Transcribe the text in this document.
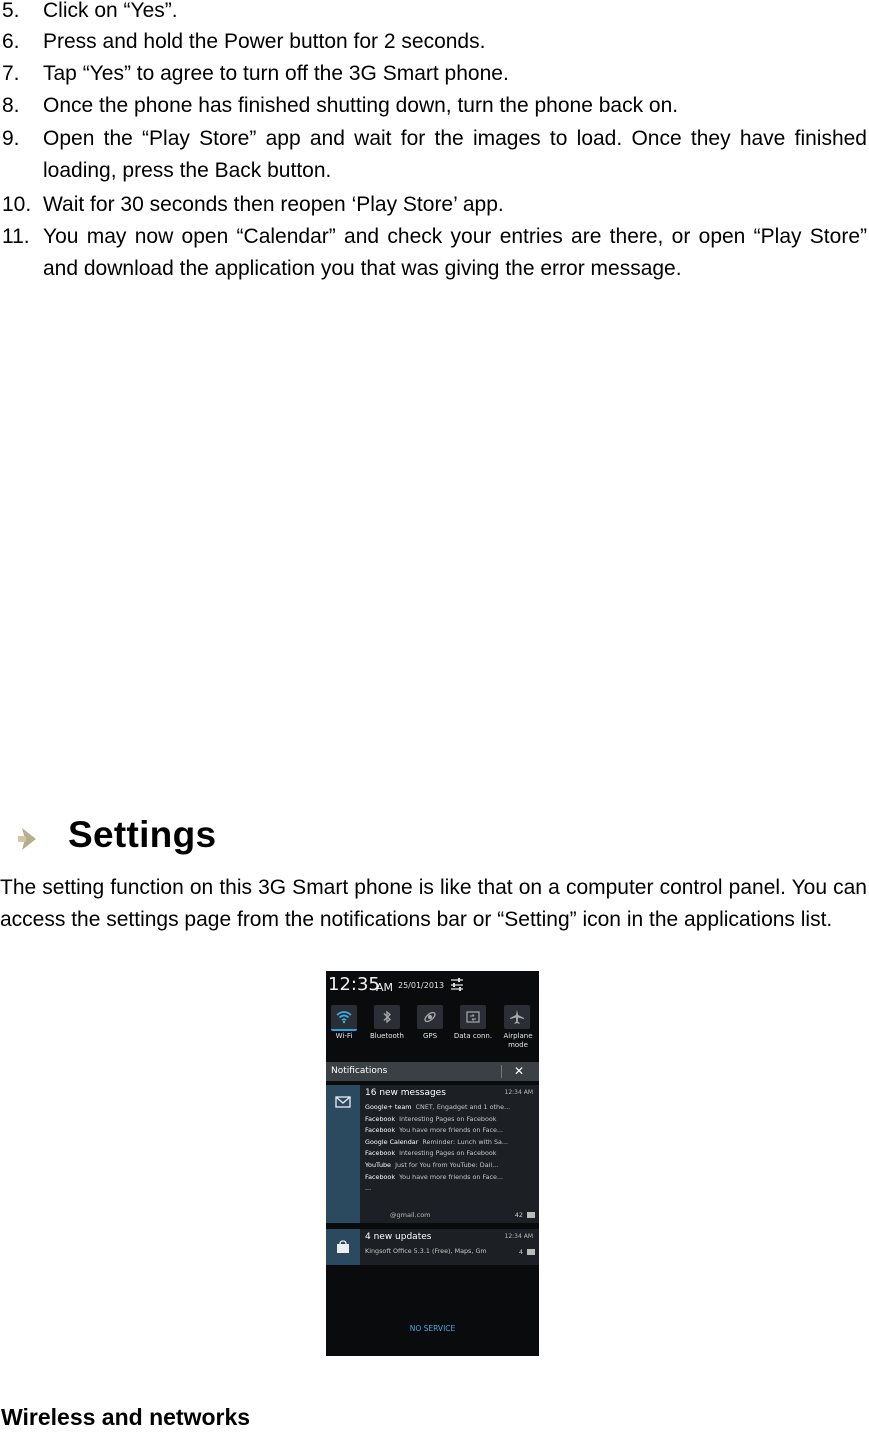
5. Click on “Yes”.
6. Press and hold the Power button for 2 seconds.
7. Tap “Yes” to agree to turn off the 3G Smart phone.
8. Once the phone has finished shutting down, turn the phone back on.
9. Open the “Play Store” app and wait for the images to load. Once they have finished loading, press the Back button.
10. Wait for 30 seconds then reopen ‘Play Store’ app.
11. You may now open “Calendar” and check your entries are there, or open “Play Store” and download the application you that was giving the error message.
Settings
The setting function on this 3G Smart phone is like that on a computer control panel. You can access the settings page from the notifications bar or “Setting” icon in the applications list.
12:35
AM 25/01/2013
Wi-Fi	Bluetooth	GPS	Data conn.	Airplane mode
Notifications	✕
16 new messages	12:34 AM
Google+ team CNET, Engadget and 1 othe...
Facebook Interesting Pages on Facebook
Facebook You have more friends on Face...
Google Calendar Reminder: Lunch with Sa...
Facebook Interesting Pages on Facebook
YouTube Just for You from YouTube: Dail...
Facebook You have more friends on Face...
...
@gmail.com	42
4 new updates	12:34 AM
Kingsoft Office 5.3.1 (Free), Maps, Gm	4
NO SERVICE
Wireless and networks
